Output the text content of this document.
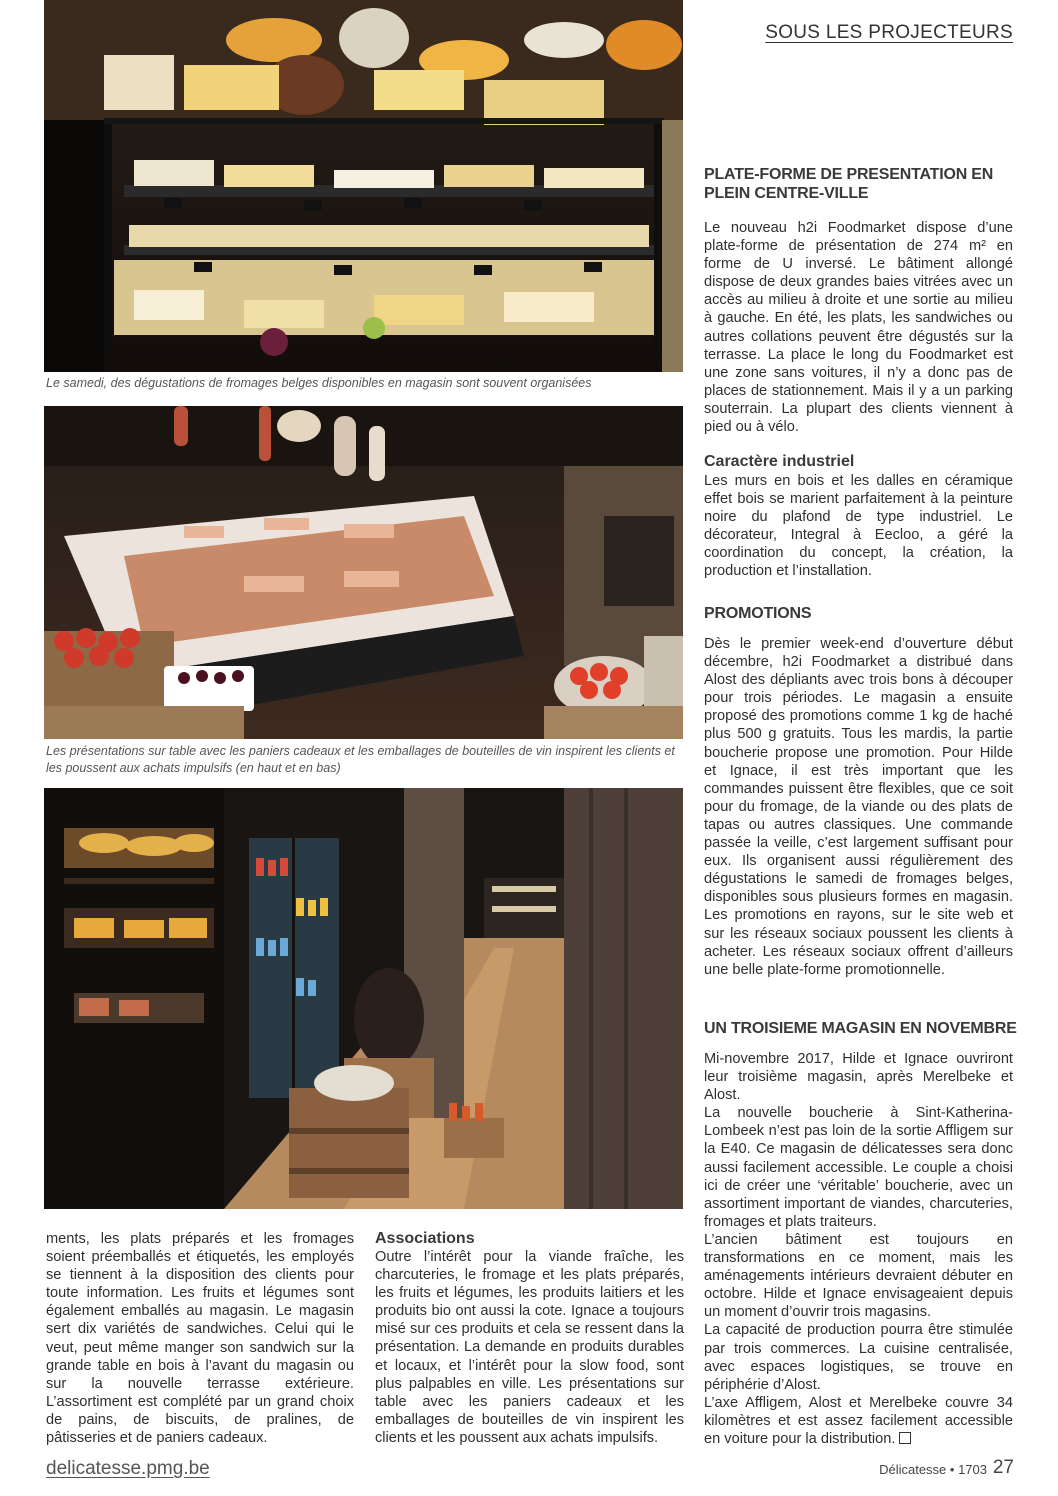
SOUS LES PROJECTEURS
Le samedi, des dégustations de fromages belges disponibles en magasin sont souvent organisées
Les présentations sur table avec les paniers cadeaux et les emballages de bouteilles de vin inspirent les clients et les poussent aux achats impulsifs (en haut et en bas)

ments, les plats préparés et les fromages soient préemballés et étiquetés, les employés se tiennent à la disposition des clients pour toute information. Les fruits et légumes sont également emballés au magasin. Le magasin sert dix variétés de sandwiches. Celui qui le veut, peut même manger son sandwich sur la grande table en bois à l’avant du magasin ou sur la nouvelle terrasse extérieure. L’assortiment est complété par un grand choix de pains, de biscuits, de pralines, de pâtisseries et de paniers cadeaux.

Associations

Outre l’intérêt pour la viande fraîche, les charcuteries, le fromage et les plats préparés, les fruits et légumes, les produits laitiers et les produits bio ont aussi la cote. Ignace a toujours misé sur ces produits et cela se ressent dans la présentation. La demande en produits durables et locaux, et l’intérêt pour la slow food, sont plus palpables en ville. Les présentations sur table avec les paniers cadeaux et les emballages de bouteilles de vin inspirent les clients et les poussent aux achats impulsifs.

PLATE-FORME DE PRESENTATION EN PLEIN CENTRE-VILLE

Le nouveau h2i Foodmarket dispose d’une plate-forme de présentation de 274 m² en forme de U inversé. Le bâtiment allongé dispose de deux grandes baies vitrées avec un accès au milieu à droite et une sortie au milieu à gauche. En été, les plats, les sandwiches ou autres collations peuvent être dégustés sur la terrasse. La place le long du Foodmarket est une zone sans voitures, il n’y a donc pas de places de stationnement. Mais il y a un parking souterrain. La plupart des clients viennent à pied ou à vélo.

Caractère industriel

Les murs en bois et les dalles en céramique effet bois se marient parfaitement à la peinture noire du plafond de type industriel. Le décorateur, Integral à Eecloo, a géré la coordination du concept, la création, la production et l’installation.

PROMOTIONS

Dès le premier week-end d’ouverture début décembre, h2i Foodmarket a distribué dans Alost des dépliants avec trois bons à découper pour trois périodes. Le magasin a ensuite proposé des promotions comme 1 kg de haché plus 500 g gratuits. Tous les mardis, la partie boucherie propose une promotion. Pour Hilde et Ignace, il est très important que les commandes puissent être flexibles, que ce soit pour du fromage, de la viande ou des plats de tapas ou autres classiques. Une commande passée la veille, c’est largement suffisant pour eux. Ils organisent aussi régulièrement des dégustations le samedi de fromages belges, disponibles sous plusieurs formes en magasin. Les promotions en rayons, sur le site web et sur les réseaux sociaux poussent les clients à acheter. Les réseaux sociaux offrent d’ailleurs une belle plate-forme promotionnelle.

UN TROISIEME MAGASIN EN NOVEMBRE

Mi-novembre 2017, Hilde et Ignace ouvriront leur troisième magasin, après Merelbeke et Alost.

La nouvelle boucherie à Sint-Katherina-Lombeek n’est pas loin de la sortie Affligem sur la E40. Ce magasin de délicatesses sera donc aussi facilement accessible. Le couple a choisi ici de créer une ‘véritable’ boucherie, avec un assortiment important de viandes, charcuteries, fromages et plats traiteurs.

L’ancien bâtiment est toujours en transformations en ce moment, mais les aménagements intérieurs devraient débuter en octobre. Hilde et Ignace envisageaient depuis un moment d’ouvrir trois magasins.

La capacité de production pourra être stimulée par trois commerces. La cuisine centralisée, avec espaces logistiques, se trouve en périphérie d’Alost.

L’axe Affligem, Alost et Merelbeke couvre 34 kilomètres et est assez facilement accessible en voiture pour la distribution.

delicatesse.pmg.be	Délicatesse • 1703 27
